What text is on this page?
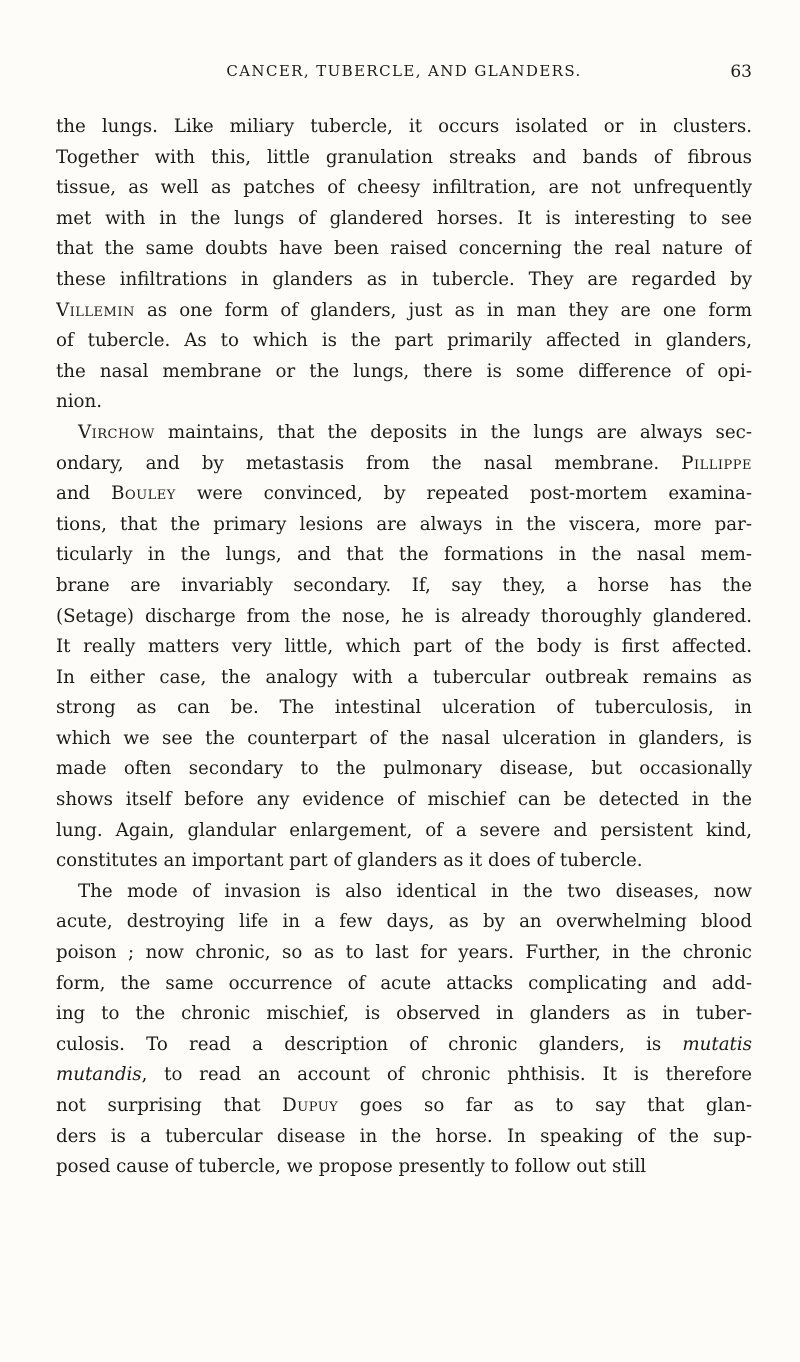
CANCER, TUBERCLE, AND GLANDERS.	63
the lungs. Like miliary tubercle, it occurs isolated or in clusters.
Together with this, little granulation streaks and bands of fibrous
tissue, as well as patches of cheesy infiltration, are not unfrequently
met with in the lungs of glandered horses. It is interesting to see
that the same doubts have been raised concerning the real nature of
these infiltrations in glanders as in tubercle. They are regarded by
Villemin as one form of glanders, just as in man they are one form
of tubercle. As to which is the part primarily affected in glanders,
the nasal membrane or the lungs, there is some difference of opi-
nion.
Virchow maintains, that the deposits in the lungs are always sec-
ondary, and by metastasis from the nasal membrane. Pillippe
and Bouley were convinced, by repeated post-mortem examina-
tions, that the primary lesions are always in the viscera, more par-
ticularly in the lungs, and that the formations in the nasal mem-
brane are invariably secondary. If, say they, a horse has the
(Setage) discharge from the nose, he is already thoroughly glandered.
It really matters very little, which part of the body is first affected.
In either case, the analogy with a tubercular outbreak remains as
strong as can be. The intestinal ulceration of tuberculosis, in
which we see the counterpart of the nasal ulceration in glanders, is
made often secondary to the pulmonary disease, but occasionally
shows itself before any evidence of mischief can be detected in the
lung. Again, glandular enlargement, of a severe and persistent kind,
constitutes an important part of glanders as it does of tubercle.
The mode of invasion is also identical in the two diseases, now
acute, destroying life in a few days, as by an overwhelming blood
poison ; now chronic, so as to last for years. Further, in the chronic
form, the same occurrence of acute attacks complicating and add-
ing to the chronic mischief, is observed in glanders as in tuber-
culosis. To read a description of chronic glanders, is mutatis
mutandis, to read an account of chronic phthisis. It is therefore
not surprising that Dupuy goes so far as to say that glan-
ders is a tubercular disease in the horse. In speaking of the sup-
posed cause of tubercle, we propose presently to follow out still
